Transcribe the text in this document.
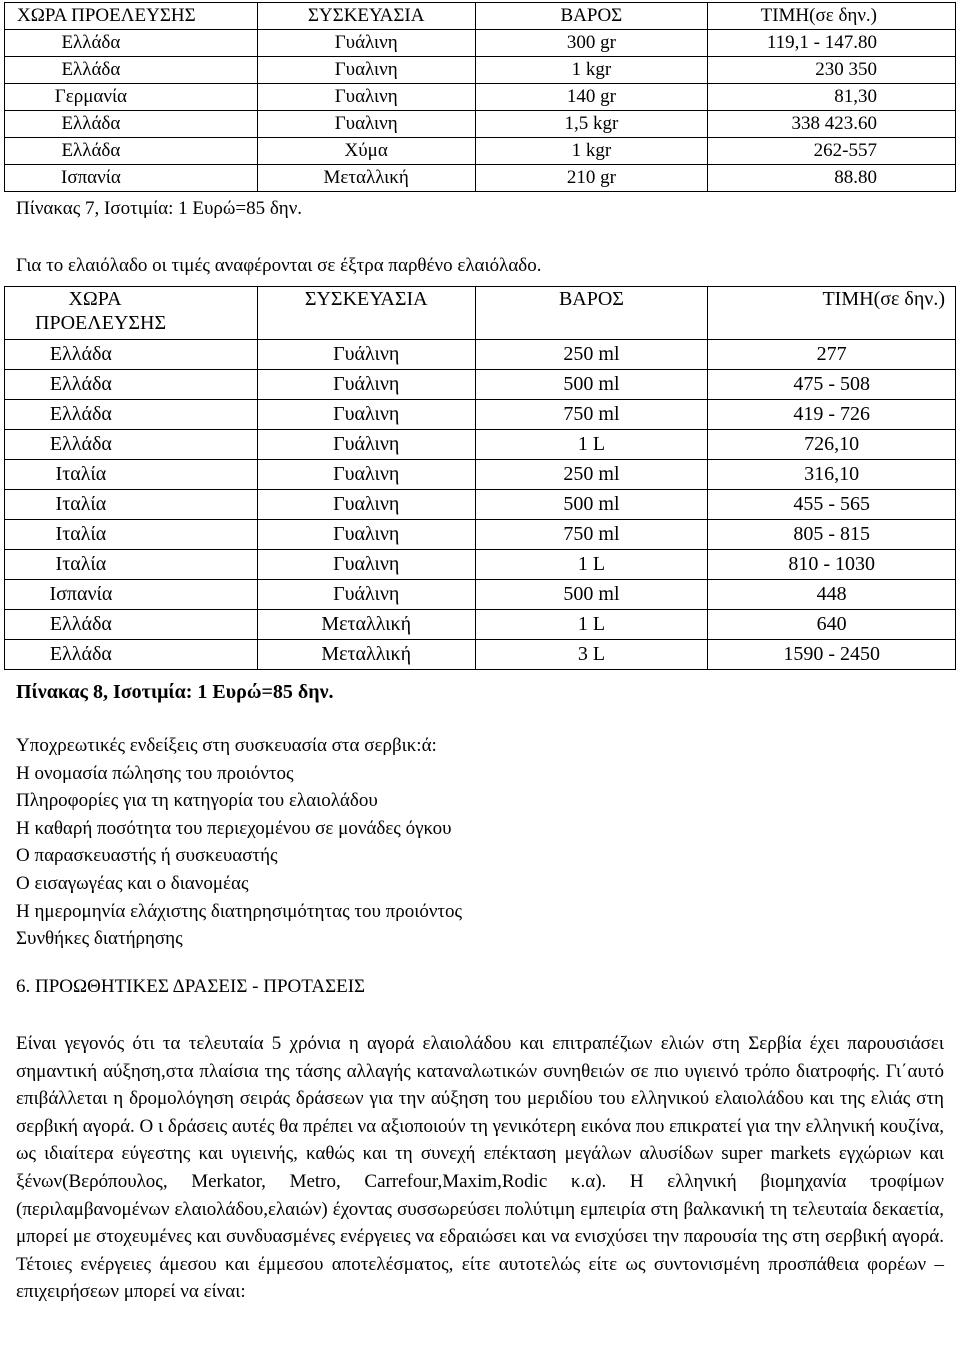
ΧΩΡΑ ΠΡΟΕΛΕΥΣΗΣ	ΣΥΣΚΕΥΑΣΙΑ	ΒΑΡΟΣ	ΤΙΜΗ(σε δην.)
Ελλάδα	Γυάλινη	300 gr	119,1 - 147.80
Ελλάδα	Γυαλινη	1 kgr	230 350
Γερμανία	Γυαλινη	140 gr	81,30
Ελλάδα	Γυαλινη	1,5 kgr	338 423.60
Ελλάδα	Χύμα	1 kgr	262-557
Ισπανία	Μεταλλική	210 gr	88.80
Πίνακας 7, Ισοτιμία: 1 Ευρώ=85 δην.
Για το ελαιόλαδο οι τιμές αναφέρονται σε έξτρα παρθένο ελαιόλαδο.
ΧΩΡΑ ΠΡΟΕΛΕΥΣΗΣ	ΣΥΣΚΕΥΑΣΙΑ	ΒΑΡΟΣ	ΤΙΜΗ(σε δην.)
Ελλάδα	Γυάλινη	250 ml	277
Ελλάδα	Γυάλινη	500 ml	475 - 508
Ελλάδα	Γυαλινη	750 ml	419 - 726
Ελλάδα	Γυάλινη	1 L	726,10
Ιταλία	Γυαλινη	250 ml	316,10
Ιταλία	Γυαλινη	500 ml	455 - 565
Ιταλία	Γυαλινη	750 ml	805 - 815
Ιταλία	Γυαλινη	1 L	810 - 1030
Ισπανία	Γυάλινη	500 ml	448
Ελλάδα	Μεταλλική	1 L	640
Ελλάδα	Μεταλλική	3 L	1590 - 2450
Πίνακας 8, Ισοτιμία: 1 Ευρώ=85 δην.
Υποχρεωτικές ενδείξεις στη συσκευασία στα σερβικ:ά:
Η ονομασία πώλησης του προιόντος
Πληροφορίες για τη κατηγορία του ελαιολάδου
Η καθαρή ποσότητα του περιεχομένου σε μονάδες όγκου
Ο παρασκευαστής ή συσκευαστής
Ο εισαγωγέας και ο διανομέας
Η ημερομηνία ελάχιστης διατηρησιμότητας του προιόντος
Συνθήκες διατήρησης
6. ΠΡΟΩΘΗΤΙΚΕΣ ΔΡΑΣΕΙΣ - ΠΡΟΤΑΣΕΙΣ
Είναι γεγονός ότι τα τελευταία 5 χρόνια η αγορά ελαιολάδου και επιτραπέζιων ελιών στη Σερβία έχει παρουσιάσει σημαντική αύξηση,στα πλαίσια της τάσης αλλαγής καταναλωτικών συνηθειών σε πιο υγιεινό τρόπο διατροφής. Γι΄αυτό επιβάλλεται η δρομολόγηση σειράς δράσεων για την αύξηση του μεριδίου του ελληνικού ελαιολάδου και της ελιάς στη σερβική αγορά. Ο ι δράσεις αυτές θα πρέπει να αξιοποιούν τη γενικότερη εικόνα που επικρατεί για την ελληνική κουζίνα, ως ιδιαίτερα εύγεστης και υγιεινής, καθώς και τη συνεχή επέκταση μεγάλων αλυσίδων super markets εγχώριων και ξένων(Βερόπουλος, Merkator, Metro, Carrefour,Maxim,Rodic κ.α). Η ελληνική βιομηχανία τροφίμων (περιλαμβανομένων ελαιολάδου,ελαιών) έχοντας συσσωρεύσει πολύτιμη εμπειρία στη βαλκανική τη τελευταία δεκαετία, μπορεί με στοχευμένες και συνδυασμένες ενέργειες να εδραιώσει και να ενισχύσει την παρουσία της στη σερβική αγορά. Τέτοιες ενέργειες άμεσου και έμμεσου αποτελέσματος, είτε αυτοτελώς είτε ως συντονισμένη προσπάθεια φορέων – επιχειρήσεων μπορεί να είναι:
